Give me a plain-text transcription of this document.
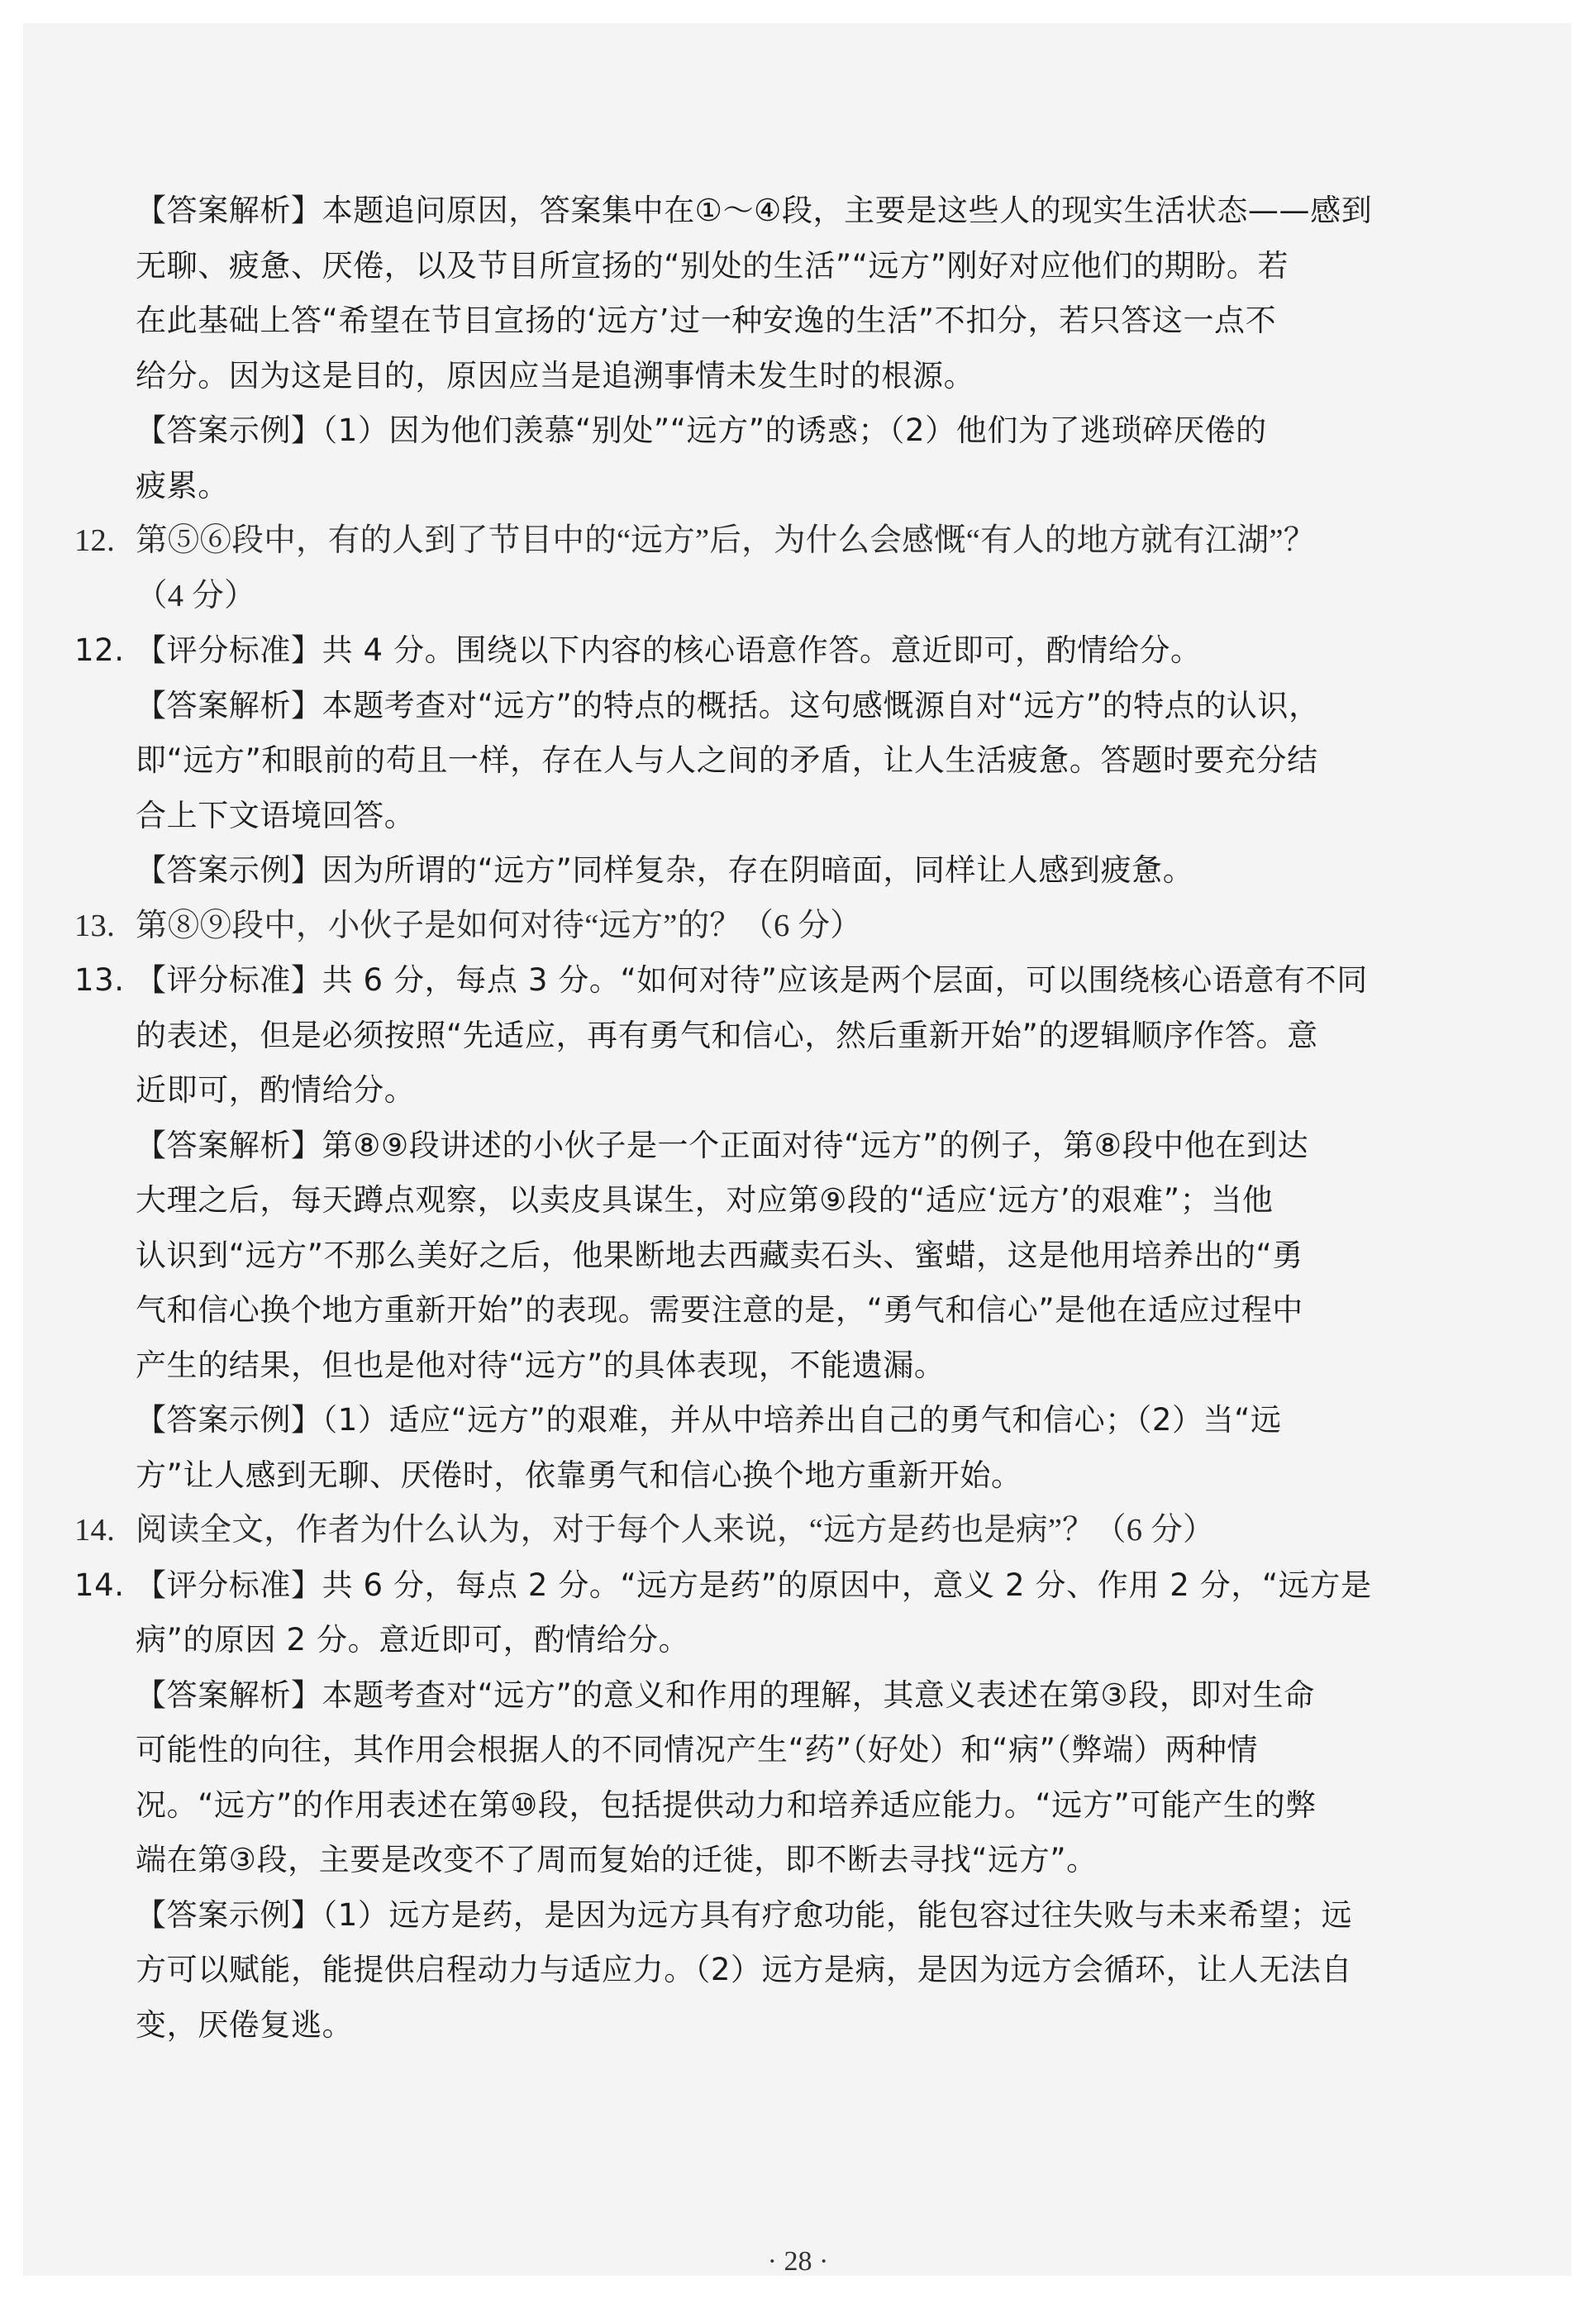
【答案解析】本题追问原因，答案集中在①～④段，主要是这些人的现实生活状态——感到
无聊、疲惫、厌倦，以及节目所宣扬的“别处的生活”“远方”刚好对应他们的期盼。若
在此基础上答“希望在节目宣扬的‘远方’过一种安逸的生活”不扣分，若只答这一点不
给分。因为这是目的，原因应当是追溯事情未发生时的根源。
【答案示例】（1）因为他们羡慕“别处”“远方”的诱惑；（2）他们为了逃琐碎厌倦的
疲累。
12. 第⑤⑥段中，有的人到了节目中的“远方”后，为什么会感慨“有人的地方就有江湖”？
（4 分）
12. 【评分标准】共 4 分。围绕以下内容的核心语意作答。意近即可，酌情给分。
【答案解析】本题考查对“远方”的特点的概括。这句感慨源自对“远方”的特点的认识，
即“远方”和眼前的苟且一样，存在人与人之间的矛盾，让人生活疲惫。答题时要充分结
合上下文语境回答。
【答案示例】因为所谓的“远方”同样复杂，存在阴暗面，同样让人感到疲惫。
13. 第⑧⑨段中，小伙子是如何对待“远方”的？（6 分）
13. 【评分标准】共 6 分，每点 3 分。“如何对待”应该是两个层面，可以围绕核心语意有不同
的表述，但是必须按照“先适应，再有勇气和信心，然后重新开始”的逻辑顺序作答。意
近即可，酌情给分。
【答案解析】第⑧⑨段讲述的小伙子是一个正面对待“远方”的例子，第⑧段中他在到达
大理之后，每天蹲点观察，以卖皮具谋生，对应第⑨段的“适应‘远方’的艰难”；当他
认识到“远方”不那么美好之后，他果断地去西藏卖石头、蜜蜡，这是他用培养出的“勇
气和信心换个地方重新开始”的表现。需要注意的是，“勇气和信心”是他在适应过程中
产生的结果，但也是他对待“远方”的具体表现，不能遗漏。
【答案示例】（1）适应“远方”的艰难，并从中培养出自己的勇气和信心；（2）当“远
方”让人感到无聊、厌倦时，依靠勇气和信心换个地方重新开始。
14. 阅读全文，作者为什么认为，对于每个人来说，“远方是药也是病”？（6 分）
14. 【评分标准】共 6 分，每点 2 分。“远方是药”的原因中，意义 2 分、作用 2 分，“远方是
病”的原因 2 分。意近即可，酌情给分。
【答案解析】本题考查对“远方”的意义和作用的理解，其意义表述在第③段，即对生命
可能性的向往，其作用会根据人的不同情况产生“药”（好处）和“病”（弊端）两种情
况。“远方”的作用表述在第⑩段，包括提供动力和培养适应能力。“远方”可能产生的弊
端在第③段，主要是改变不了周而复始的迁徙，即不断去寻找“远方”。
【答案示例】（1）远方是药，是因为远方具有疗愈功能，能包容过往失败与未来希望；远
方可以赋能，能提供启程动力与适应力。（2）远方是病，是因为远方会循环，让人无法自
变，厌倦复逃。
· 28 ·
